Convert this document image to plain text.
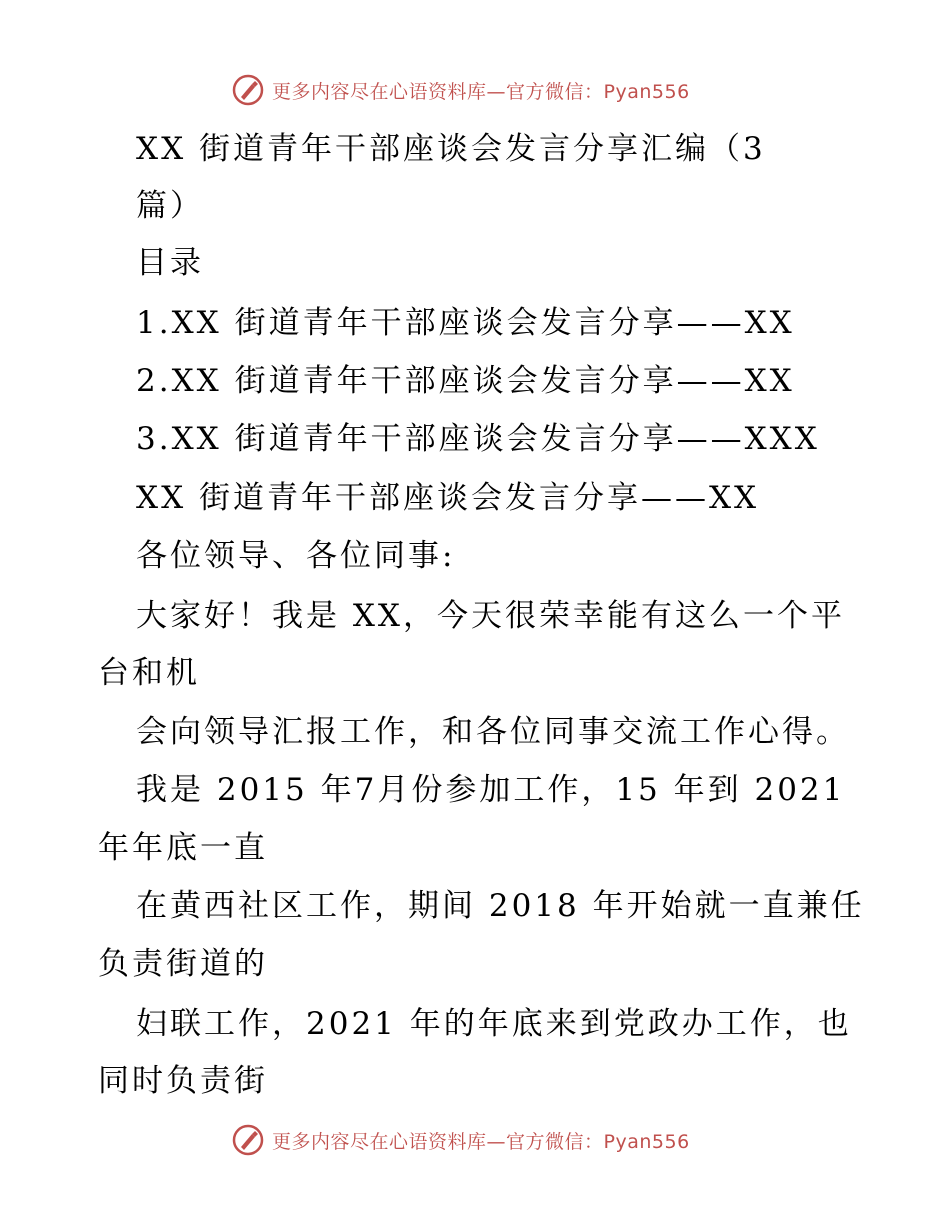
更多内容尽在心语资料库—官方微信：Pyan556
XX 街道青年干部座谈会发言分享汇编（3
篇）
目录
1.XX 街道青年干部座谈会发言分享——XX
2.XX 街道青年干部座谈会发言分享——XX
3.XX 街道青年干部座谈会发言分享——XXX
XX 街道青年干部座谈会发言分享——XX
各位领导、各位同事:
大家好！我是 XX，今天很荣幸能有这么一个平
台和机
会向领导汇报工作，和各位同事交流工作心得。
我是 2015 年7月份参加工作，15 年到 2021
年年底一直
在黄西社区工作，期间 2018 年开始就一直兼任
负责街道的
妇联工作，2021 年的年底来到党政办工作，也
同时负责街
更多内容尽在心语资料库—官方微信：Pyan556
